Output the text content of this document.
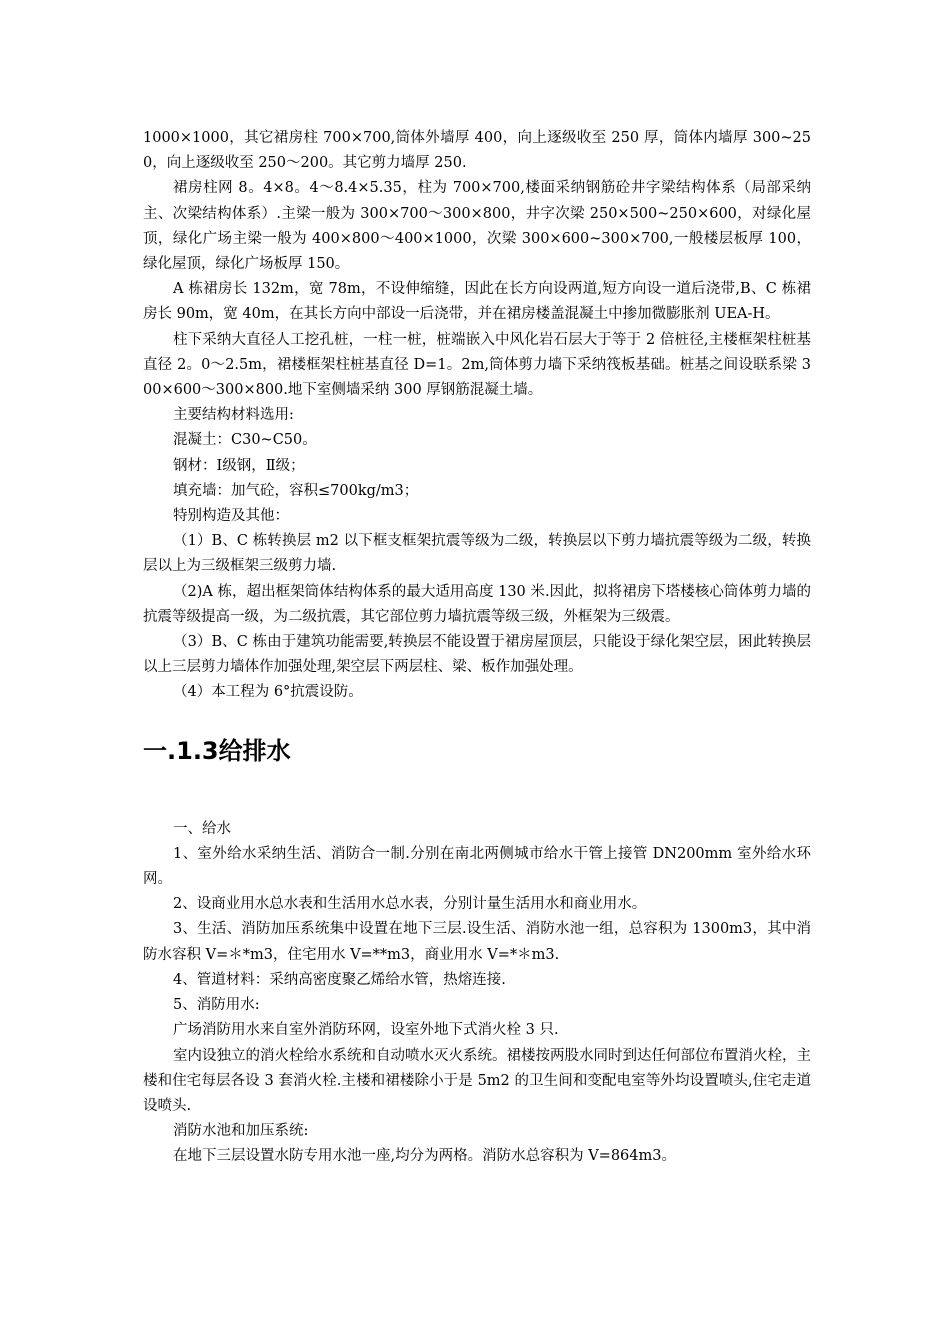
1000×1000，其它裙房柱 700×700,筒体外墙厚 400，向上逐级收至 250 厚，筒体内墙厚 300~250，向上逐级收至 250～200。其它剪力墙厚 250.

裙房柱网 8。4×8。4～8.4×5.35，柱为 700×700,楼面采纳钢筋砼井字梁结构体系（局部采纳主、次梁结构体系）.主梁一般为 300×700～300×800，井字次梁 250×500~250×600，对绿化屋顶，绿化广场主梁一般为 400×800～400×1000，次梁 300×600~300×700,一般楼层板厚 100，绿化屋顶，绿化广场板厚 150。

A 栋裙房长 132m，宽 78m，不设伸缩缝，因此在长方向设两道,短方向设一道后浇带,B、C 栋裙房长 90m，宽 40m，在其长方向中部设一后浇带，并在裙房楼盖混凝土中掺加微膨胀剂 UEA-H。

柱下采纳大直径人工挖孔桩，一柱一桩，桩端嵌入中风化岩石层大于等于 2 倍桩径,主楼框架柱桩基直径 2。0～2.5m，裙楼框架柱桩基直径 D=1。2m,筒体剪力墙下采纳筏板基础。桩基之间设联系梁 300×600～300×800.地下室侧墙采纳 300 厚钢筋混凝土墙。

主要结构材料选用:

混凝土：C30~C50。

钢材：Ⅰ级钢，Ⅱ级；

填充墙：加气砼，容积≤700kg/m3；

特别构造及其他：

（1）B、C 栋转换层 m2 以下框支框架抗震等级为二级，转换层以下剪力墙抗震等级为二级，转换层以上为三级框架三级剪力墙.

（2)A 栋，超出框架筒体结构体系的最大适用高度 130 米.因此，拟将裙房下塔楼核心筒体剪力墙的抗震等级提高一级，为二级抗震，其它部位剪力墙抗震等级三级，外框架为三级震。

（3）B、C 栋由于建筑功能需要,转换层不能设置于裙房屋顶层，只能设于绿化架空层，困此转换层以上三层剪力墙体作加强处理,架空层下两层柱、梁、板作加强处理。

（4）本工程为 6°抗震设防。

一.1.3给排水

一、给水

1、室外给水采纳生活、消防合一制.分别在南北两侧城市给水干管上接管 DN200mm 室外给水环网。

2、设商业用水总水表和生活用水总水表，分别计量生活用水和商业用水。

3、生活、消防加压系统集中设置在地下三层.设生活、消防水池一组，总容积为 1300m3，其中消防水容积 V=＊*m3，住宅用水 V=**m3，商业用水 V=*＊m3.

4、管道材料：采纳高密度聚乙烯给水管，热熔连接.

5、消防用水:

广场消防用水来自室外消防环网，设室外地下式消火栓 3 只.

室内设独立的消火栓给水系统和自动喷水灭火系统。裙楼按两股水同时到达任何部位布置消火栓，主楼和住宅每层各设 3 套消火栓.主楼和裙楼除小于是 5m2 的卫生间和变配电室等外均设置喷头,住宅走道设喷头.

消防水池和加压系统:

在地下三层设置水防专用水池一座,均分为两格。消防水总容积为 V=864m3。
